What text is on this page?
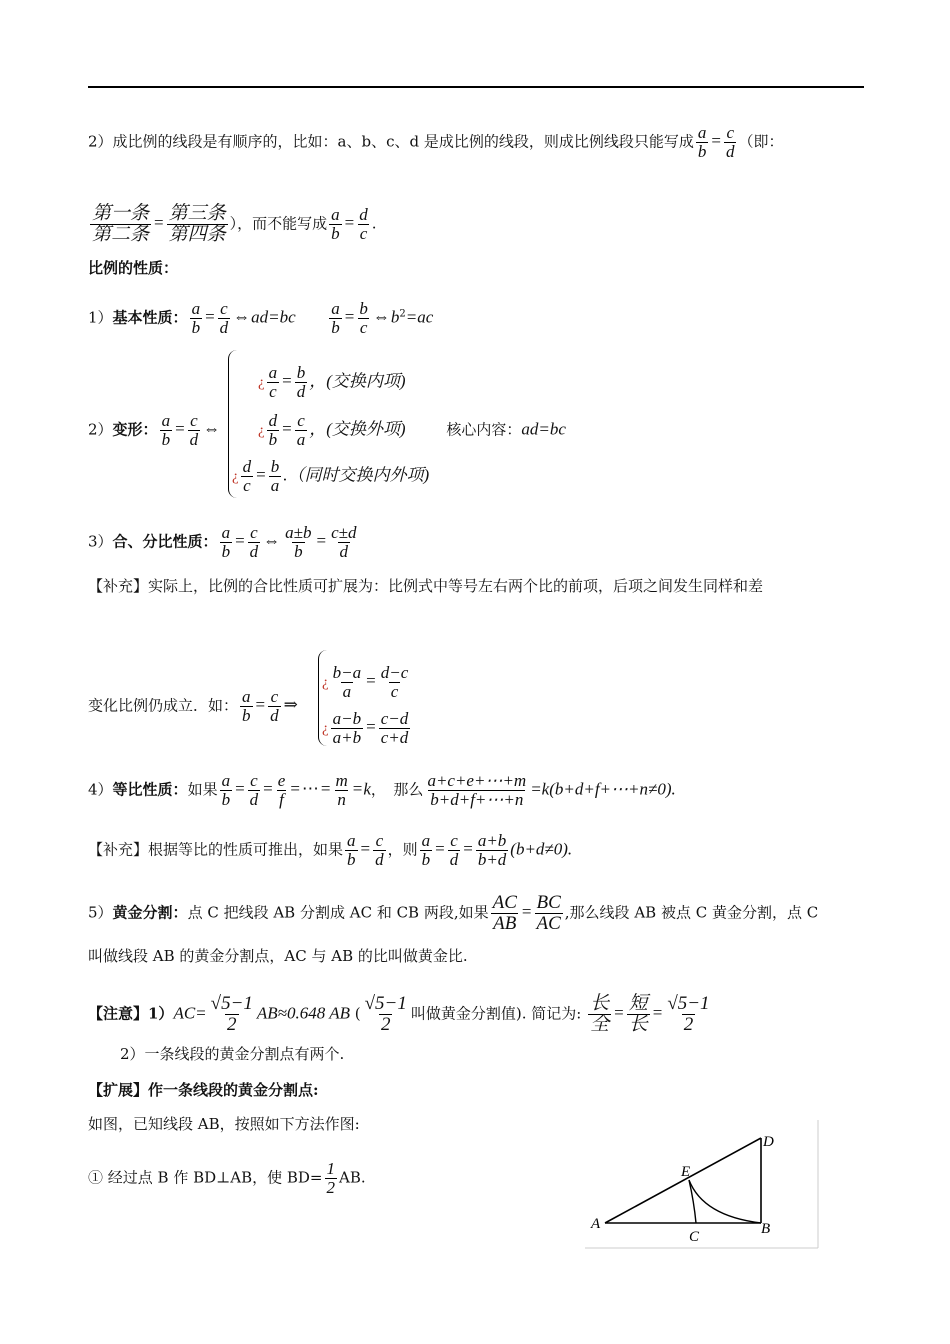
2）成比例的线段是有顺序的，比如：a、b、c、d 是成比例的线段，则成比例线段只能写成 $\frac{a}{b} = \frac{c}{d}$ （即：
$\frac{\text{第一条}}{\text{第二条}} = \frac{\text{第三条}}{\text{第四条}}$ ），而不能写成 $\frac{a}{b} = \frac{d}{c}$ .
比例的性质：
1）基本性质： $\frac{a}{b} = \frac{c}{d}$ ⇔ad=bc $\frac{a}{b} = \frac{b}{c}$ $\Leftrightarrow b^2=ac$
2）变形： $\frac{a}{b} = \frac{c}{d}$ ⇔
¿ $\frac{a}{c} = \frac{b}{d}$ ，(交换内项)
¿ $\frac{d}{b} = \frac{c}{a}$ ，(交换外项)	核心内容：ad=bc
¿ $\frac{d}{c} = \frac{b}{a}$ .（同时交换内外项)
3）合、分比性质： $\frac{a}{b} = \frac{c}{d}$ ⇔ $\frac{a\pm b}{b} = \frac{c\pm d}{d}$
【补充】实际上，比例的合比性质可扩展为：比例式中等号左右两个比的前项，后项之间发生同样和差
变化比例仍成立．如： $\frac{a}{b} = \frac{c}{d}$ ⇒
¿ $\frac{b-a}{a} = \frac{d-c}{c}$
¿ $\frac{a-b}{a+b} = \frac{c-d}{c+d}$
4）等比性质：如果 $\frac{a}{b} = \frac{c}{d} = \frac{e}{f}$ = ⋯ = $\frac{m}{n} =k$，　那么 $\frac{a+c+e+\cdots+m}{b+d+f+\cdots+n}$ =k(b+d+f+⋯+n≠0).
【补充】根据等比的性质可推出，如果 $\frac{a}{b} = \frac{c}{d}$ ，则 $\frac{a}{b} = \frac{c}{d} = \frac{a+b}{b+d} (b+d\ne 0)$.
5）黄金分割：点 C 把线段 AB 分割成 AC 和 CB 两段,如果 $\frac{AC}{AB} = \frac{BC}{AC}$ ,那么线段 AB 被点 C 黄金分割，点 C
叫做线段 AB 的黄金分割点，AC 与 AB 的比叫做黄金比.
【注意】$1)AC= \frac{√5-1}{2} AB\approx 0.648$ AB ( $\frac{√5-1}{2}$ 叫做黄金分割值). 简记为: $\frac{\text{长}}{\text{全}} = \frac{\text{短}}{\text{长}} = \frac{√5-1}{2}$
2）一条线段的黄金分割点有两个.
【扩展】作一条线段的黄金分割点:
如图，已知线段 AB，按照如下方法作图:
① 经过点 B 作 BD⊥AB，使 $BD= \frac{1}{2}$ AB.
A	B
C
D
E
